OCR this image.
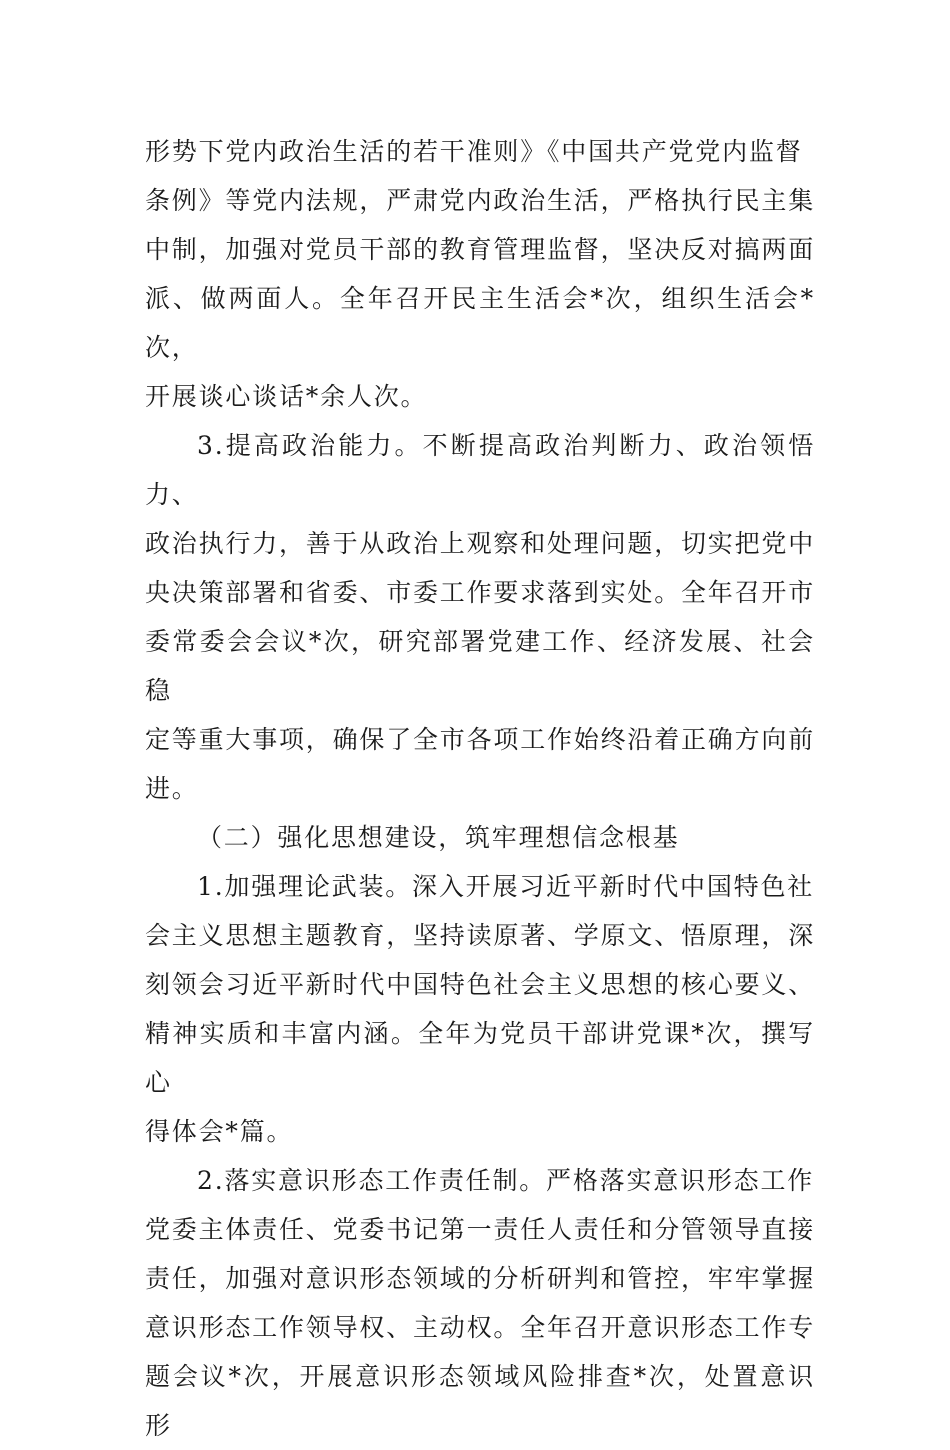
形势下党内政治生活的若干准则》《中国共产党党内监督
条例》等党内法规，严肃党内政治生活，严格执行民主集
中制，加强对党员干部的教育管理监督，坚决反对搞两面
派、做两面人。全年召开民主生活会*次，组织生活会*次，
开展谈心谈话*余人次。

3.提高政治能力。不断提高政治判断力、政治领悟力、
政治执行力，善于从政治上观察和处理问题，切实把党中
央决策部署和省委、市委工作要求落到实处。全年召开市
委常委会会议*次，研究部署党建工作、经济发展、社会稳
定等重大事项，确保了全市各项工作始终沿着正确方向前
进。

（二）强化思想建设，筑牢理想信念根基

1.加强理论武装。深入开展习近平新时代中国特色社
会主义思想主题教育，坚持读原著、学原文、悟原理，深
刻领会习近平新时代中国特色社会主义思想的核心要义、
精神实质和丰富内涵。全年为党员干部讲党课*次，撰写心
得体会*篇。

2.落实意识形态工作责任制。严格落实意识形态工作
党委主体责任、党委书记第一责任人责任和分管领导直接
责任，加强对意识形态领域的分析研判和管控，牢牢掌握
意识形态工作领导权、主动权。全年召开意识形态工作专
题会议*次，开展意识形态领域风险排查*次，处置意识形
